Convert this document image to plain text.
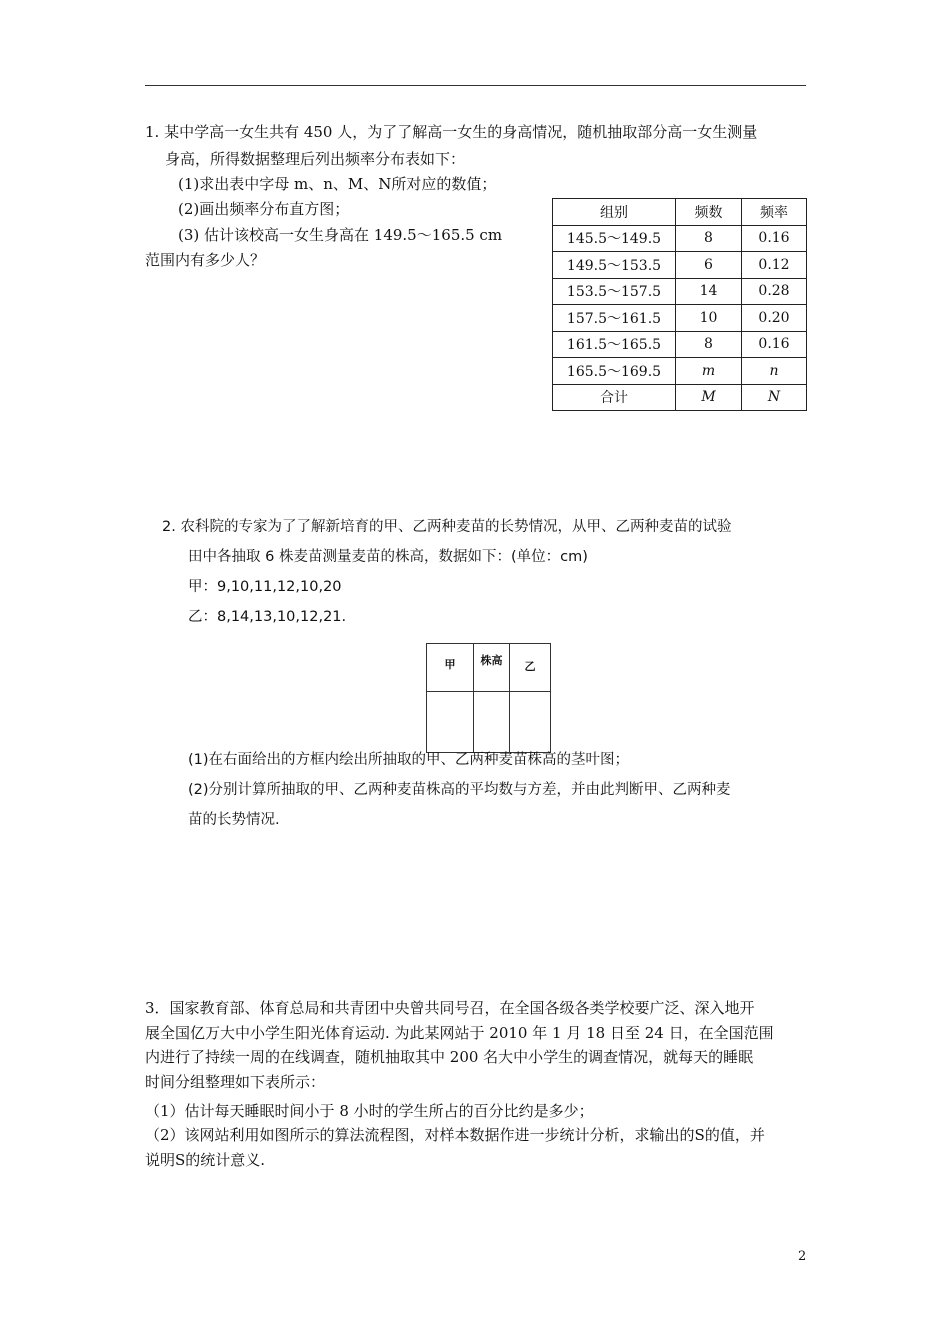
1. 某中学高一女生共有 450 人，为了了解高一女生的身高情况，随机抽取部分高一女生测量
身高，所得数据整理后列出频率分布表如下：
(1)求出表中字母 m、n、M、N所对应的数值；
(2)画出频率分布直方图；
(3) 估计该校高一女生身高在 149.5～165.5 cm
范围内有多少人？
组别	频数	频率
145.5～149.5	8	0.16
149.5～153.5	6	0.12
153.5～157.5	14	0.28
157.5～161.5	10	0.20
161.5～165.5	8	0.16
165.5～169.5	m	n
合计	M	N
2. 农科院的专家为了了解新培育的甲、乙两种麦苗的长势情况，从甲、乙两种麦苗的试验
田中各抽取 6 株麦苗测量麦苗的株高，数据如下：(单位：cm)
甲：9,10,11,12,10,20
乙：8,14,13,10,12,21.
甲	株高	乙

(1)在右面给出的方框内绘出所抽取的甲、乙两种麦苗株高的茎叶图；
(2)分别计算所抽取的甲、乙两种麦苗株高的平均数与方差，并由此判断甲、乙两种麦
苗的长势情况.
3．国家教育部、体育总局和共青团中央曾共同号召，在全国各级各类学校要广泛、深入地开
展全国亿万大中小学生阳光体育运动. 为此某网站于 2010 年 1 月 18 日至 24 日，在全国范围
内进行了持续一周的在线调查，随机抽取其中 200 名大中小学生的调查情况，就每天的睡眠
时间分组整理如下表所示：
（1）估计每天睡眠时间小于 8 小时的学生所占的百分比约是多少；
（2）该网站利用如图所示的算法流程图，对样本数据作进一步统计分析，求输出的S的值，并
说明S的统计意义.
2
